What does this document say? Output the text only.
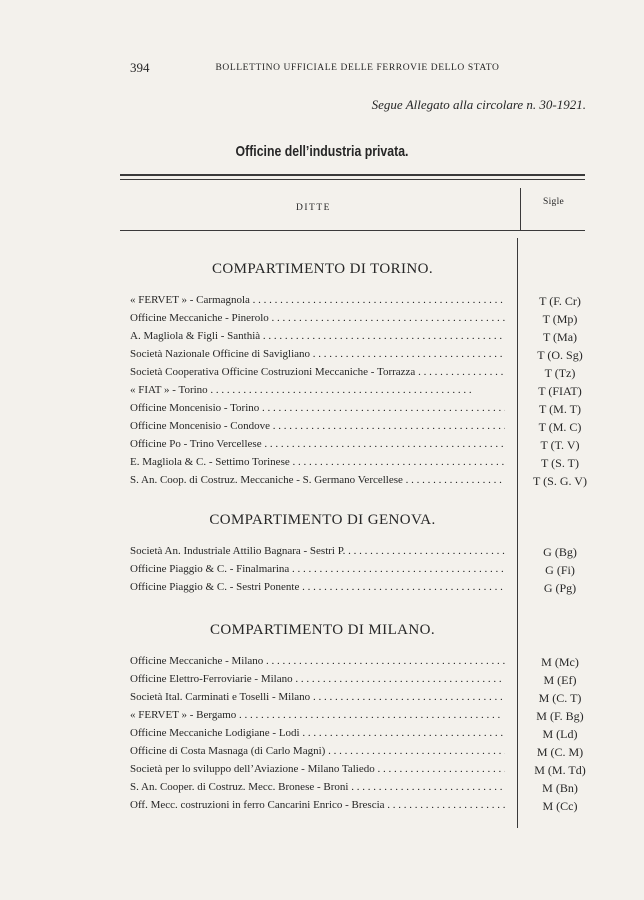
394	BOLLETTINO UFFICIALE DELLE FERROVIE DELLO STATO
Segue Allegato alla circolare n. 30-1921.
Officine dell’industria privata.
DITTE
Sigle
COMPARTIMENTO DI TORINO.
« FERVET » - Carmagnola . . .	T (F. Cr)
Officine Meccaniche - Pinerolo . . .	T (Mp)
A. Magliola & Figli - Santhià . . .	T (Ma)
Società Nazionale Officine di Savigliano . . .	T (O. Sg)
Società Cooperativa Officine Costruzioni Meccaniche - Torrazza . . .	T (Tz)
« FIAT » - Torino . . .	T (FIAT)
Officine Moncenisio - Torino . . .	T (M. T)
Officine Moncenisio - Condove . . .	T (M. C)
Officine Po - Trino Vercellese . . .	T (T. V)
E. Magliola & C. - Settimo Torinese . . .	T (S. T)
S. An. Coop. di Costruz. Meccaniche - S. Germano Vercellese . . .	T (S. G. V)
COMPARTIMENTO DI GENOVA.
Società An. Industriale Attilio Bagnara - Sestri P. . . .	G (Bg)
Officine Piaggio & C. - Finalmarina . . .	G (Fi)
Officine Piaggio & C. - Sestri Ponente . . .	G (Pg)
COMPARTIMENTO DI MILANO.
Officine Meccaniche - Milano . . .	M (Mc)
Officine Elettro-Ferroviarie - Milano . . .	M (Ef)
Società Ital. Carminati e Toselli - Milano . . .	M (C. T)
« FERVET » - Bergamo . . .	M (F. Bg)
Officine Meccaniche Lodigiane - Lodi . . .	M (Ld)
Officine di Costa Masnaga (di Carlo Magni) . . .	M (C. M)
Società per lo sviluppo dell’Aviazione - Milano Taliedo . . .	M (M. Td)
S. An. Cooper. di Costruz. Mecc. Bronese - Broni . . .	M (Bn)
Off. Mecc. costruzioni in ferro Cancarini Enrico - Brescia . . .	M (Cc)
